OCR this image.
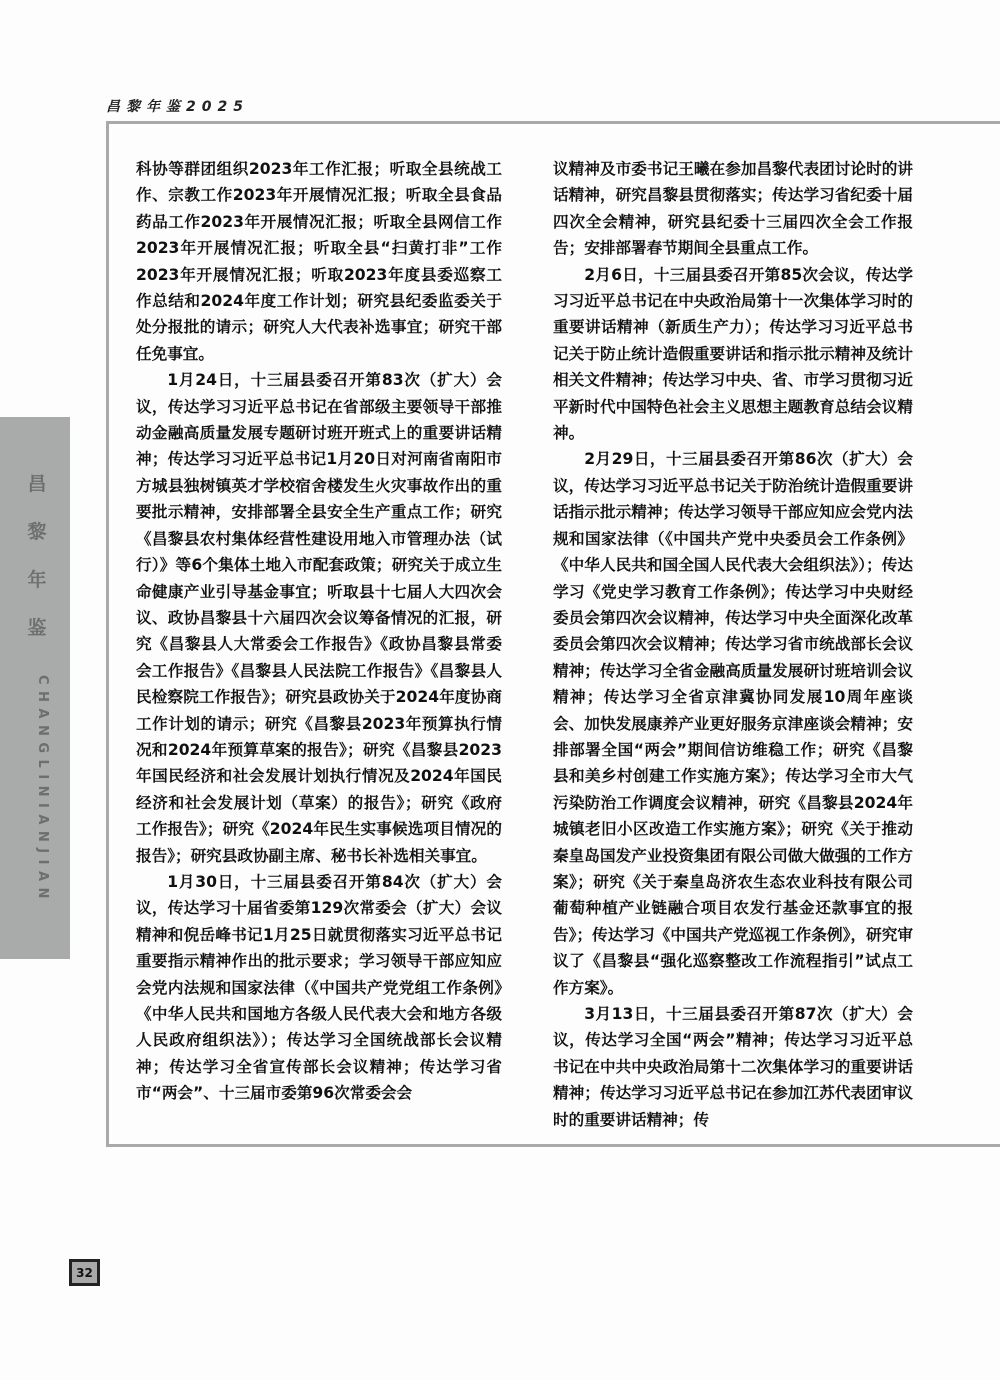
昌黎年鉴2025

科协等群团组织2023年工作汇报；听取全县统战工作、宗教工作2023年开展情况汇报；听取全县食品药品工作2023年开展情况汇报；听取全县网信工作2023年开展情况汇报；听取全县“扫黄打非”工作2023年开展情况汇报；听取2023年度县委巡察工作总结和2024年度工作计划；研究县纪委监委关于处分报批的请示；研究人大代表补选事宜；研究干部任免事宜。

1月24日，十三届县委召开第83次（扩大）会议，传达学习习近平总书记在省部级主要领导干部推动金融高质量发展专题研讨班开班式上的重要讲话精神；传达学习习近平总书记1月20日对河南省南阳市方城县独树镇英才学校宿舍楼发生火灾事故作出的重要批示精神，安排部署全县安全生产重点工作；研究《昌黎县农村集体经营性建设用地入市管理办法（试行）》等6个集体土地入市配套政策；研究关于成立生命健康产业引导基金事宜；听取县十七届人大四次会议、政协昌黎县十六届四次会议筹备情况的汇报，研究《昌黎县人大常委会工作报告》《政协昌黎县常委会工作报告》《昌黎县人民法院工作报告》《昌黎县人民检察院工作报告》；研究县政协关于2024年度协商工作计划的请示；研究《昌黎县2023年预算执行情况和2024年预算草案的报告》；研究《昌黎县2023年国民经济和社会发展计划执行情况及2024年国民经济和社会发展计划（草案）的报告》；研究《政府工作报告》；研究《2024年民生实事候选项目情况的报告》；研究县政协副主席、秘书长补选相关事宜。

1月30日，十三届县委召开第84次（扩大）会议，传达学习十届省委第129次常委会（扩大）会议精神和倪岳峰书记1月25日就贯彻落实习近平总书记重要指示精神作出的批示要求；学习领导干部应知应会党内法规和国家法律（《中国共产党党组工作条例》《中华人民共和国地方各级人民代表大会和地方各级人民政府组织法》）；传达学习全国统战部长会议精神；传达学习全省宣传部长会议精神；传达学习省市“两会”、十三届市委第96次常委会会

议精神及市委书记王曦在参加昌黎代表团讨论时的讲话精神，研究昌黎县贯彻落实；传达学习省纪委十届四次全会精神，研究县纪委十三届四次全会工作报告；安排部署春节期间全县重点工作。

2月6日，十三届县委召开第85次会议，传达学习习近平总书记在中央政治局第十一次集体学习时的重要讲话精神（新质生产力）；传达学习习近平总书记关于防止统计造假重要讲话和指示批示精神及统计相关文件精神；传达学习中央、省、市学习贯彻习近平新时代中国特色社会主义思想主题教育总结会议精神。

2月29日，十三届县委召开第86次（扩大）会议，传达学习习近平总书记关于防治统计造假重要讲话指示批示精神；传达学习领导干部应知应会党内法规和国家法律（《中国共产党中央委员会工作条例》《中华人民共和国全国人民代表大会组织法》）；传达学习《党史学习教育工作条例》；传达学习中央财经委员会第四次会议精神，传达学习中央全面深化改革委员会第四次会议精神；传达学习省市统战部长会议精神；传达学习全省金融高质量发展研讨班培训会议精神；传达学习全省京津冀协同发展10周年座谈会、加快发展康养产业更好服务京津座谈会精神；安排部署全国“两会”期间信访维稳工作；研究《昌黎县和美乡村创建工作实施方案》；传达学习全市大气污染防治工作调度会议精神，研究《昌黎县2024年城镇老旧小区改造工作实施方案》；研究《关于推动秦皇岛国发产业投资集团有限公司做大做强的工作方案》；研究《关于秦皇岛济农生态农业科技有限公司葡萄种植产业链融合项目农发行基金还款事宜的报告》；传达学习《中国共产党巡视工作条例》，研究审议了《昌黎县“强化巡察整改工作流程指引”试点工作方案》。

3月13日，十三届县委召开第87次（扩大）会议，传达学习全国“两会”精神；传达学习习近平总书记在中共中央政治局第十二次集体学习的重要讲话精神；传达学习习近平总书记在参加江苏代表团审议时的重要讲话精神；传

昌
黎
年
鉴
CHANGLINIANJIAN
32
